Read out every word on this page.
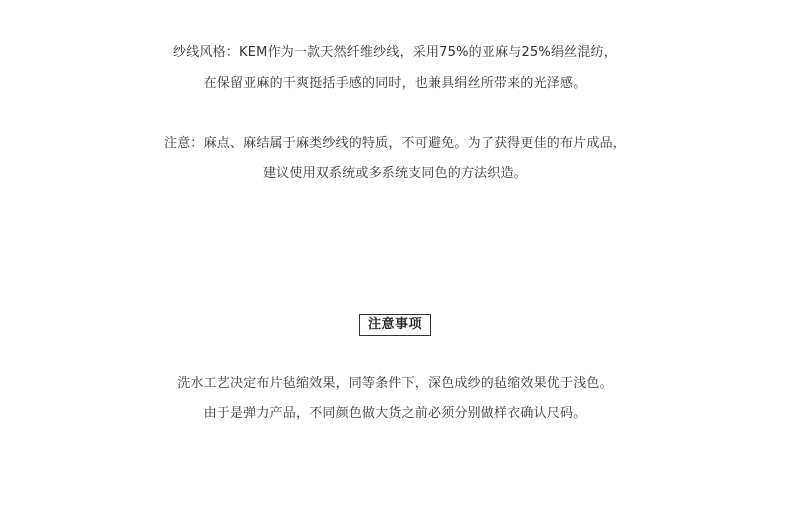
纱线风格：KEM作为一款天然纤维纱线，采用75%的亚麻与25%绢丝混纺，
在保留亚麻的干爽挺括手感的同时，也兼具绢丝所带来的光泽感。
注意：麻点、麻结属于麻类纱线的特质，不可避免。为了获得更佳的布片成品，
建议使用双系统或多系统支同色的方法织造。
注意事项
洗水工艺决定布片毡缩效果，同等条件下，深色成纱的毡缩效果优于浅色。
由于是弹力产品，不同颜色做大货之前必须分别做样衣确认尺码。
